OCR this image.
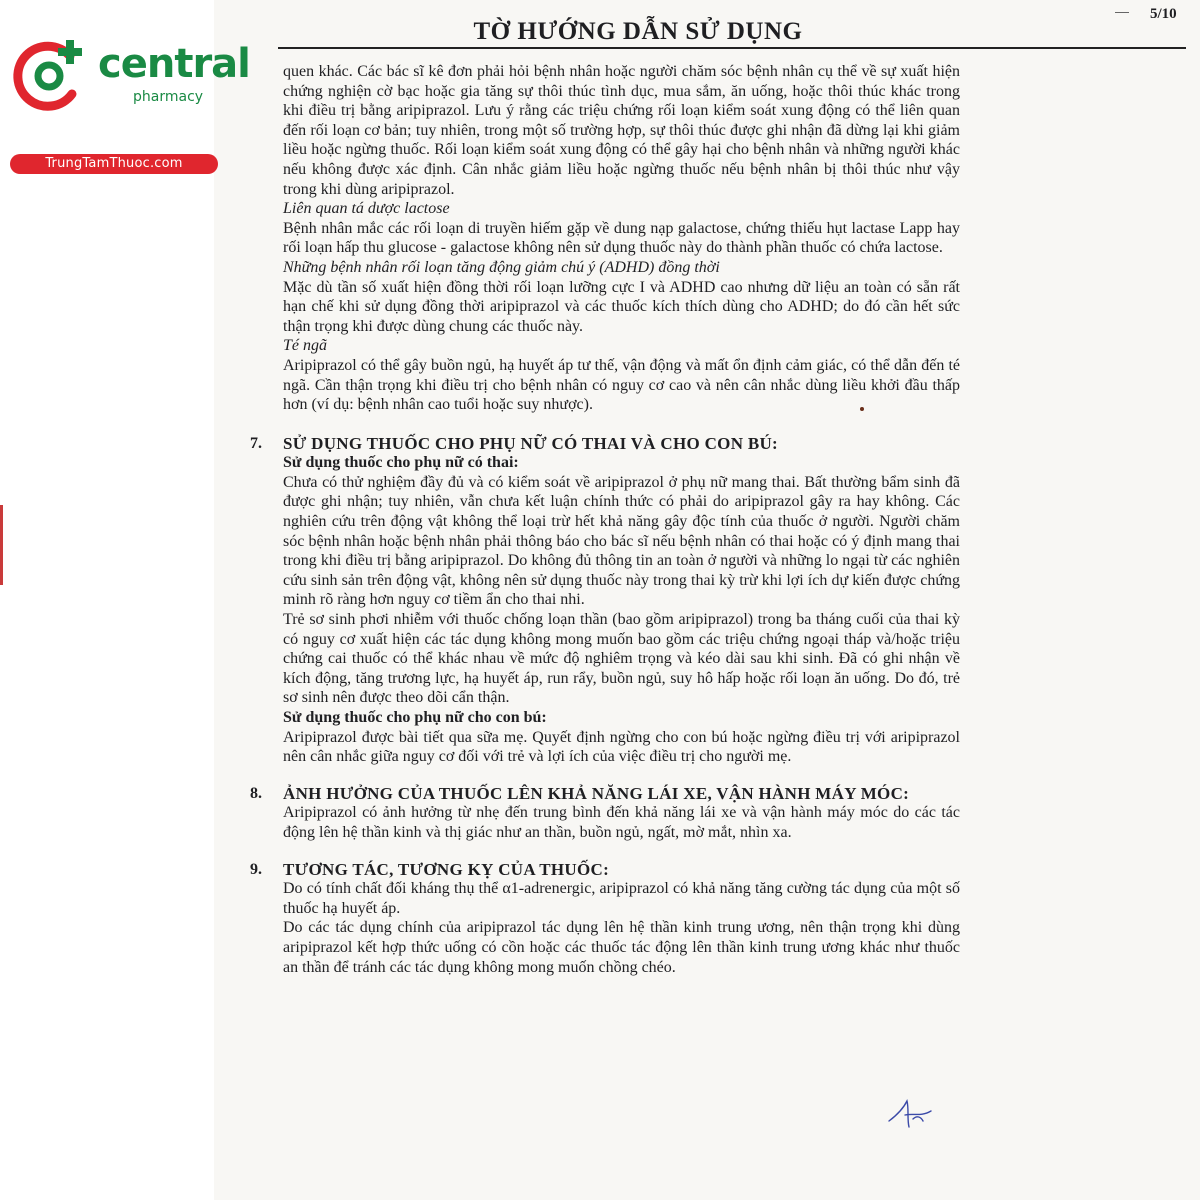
central
pharmacy
TrungTamThuoc.com
5/10
TỜ HƯỚNG DẪN SỬ DỤNG

quen khác. Các bác sĩ kê đơn phải hỏi bệnh nhân hoặc người chăm sóc bệnh nhân cụ thể về sự xuất hiện chứng nghiện cờ bạc hoặc gia tăng sự thôi thúc tình dục, mua sắm, ăn uống, hoặc thôi thúc khác trong khi điều trị bằng aripiprazol. Lưu ý rằng các triệu chứng rối loạn kiểm soát xung động có thể liên quan đến rối loạn cơ bản; tuy nhiên, trong một số trường hợp, sự thôi thúc được ghi nhận đã dừng lại khi giảm liều hoặc ngừng thuốc. Rối loạn kiểm soát xung động có thể gây hại cho bệnh nhân và những người khác nếu không được xác định. Cân nhắc giảm liều hoặc ngừng thuốc nếu bệnh nhân bị thôi thúc như vậy trong khi dùng aripiprazol.

Liên quan tá dược lactose

Bệnh nhân mắc các rối loạn di truyền hiếm gặp về dung nạp galactose, chứng thiếu hụt lactase Lapp hay rối loạn hấp thu glucose - galactose không nên sử dụng thuốc này do thành phần thuốc có chứa lactose.

Những bệnh nhân rối loạn tăng động giảm chú ý (ADHD) đồng thời

Mặc dù tần số xuất hiện đồng thời rối loạn lưỡng cực I và ADHD cao nhưng dữ liệu an toàn có sẵn rất hạn chế khi sử dụng đồng thời aripiprazol và các thuốc kích thích dùng cho ADHD; do đó cần hết sức thận trọng khi được dùng chung các thuốc này.

Té ngã

Aripiprazol có thể gây buồn ngủ, hạ huyết áp tư thế, vận động và mất ổn định cảm giác, có thể dẫn đến té ngã. Cần thận trọng khi điều trị cho bệnh nhân có nguy cơ cao và nên cân nhắc dùng liều khởi đầu thấp hơn (ví dụ: bệnh nhân cao tuổi hoặc suy nhược).

7.	SỬ DỤNG THUỐC CHO PHỤ NỮ CÓ THAI VÀ CHO CON BÚ:

Sử dụng thuốc cho phụ nữ có thai:

Chưa có thử nghiệm đầy đủ và có kiểm soát về aripiprazol ở phụ nữ mang thai. Bất thường bẩm sinh đã được ghi nhận; tuy nhiên, vẫn chưa kết luận chính thức có phải do aripiprazol gây ra hay không. Các nghiên cứu trên động vật không thể loại trừ hết khả năng gây độc tính của thuốc ở người. Người chăm sóc bệnh nhân hoặc bệnh nhân phải thông báo cho bác sĩ nếu bệnh nhân có thai hoặc có ý định mang thai trong khi điều trị bằng aripiprazol. Do không đủ thông tin an toàn ở người và những lo ngại từ các nghiên cứu sinh sản trên động vật, không nên sử dụng thuốc này trong thai kỳ trừ khi lợi ích dự kiến được chứng minh rõ ràng hơn nguy cơ tiềm ẩn cho thai nhi.

Trẻ sơ sinh phơi nhiễm với thuốc chống loạn thần (bao gồm aripiprazol) trong ba tháng cuối của thai kỳ có nguy cơ xuất hiện các tác dụng không mong muốn bao gồm các triệu chứng ngoại tháp và/hoặc triệu chứng cai thuốc có thể khác nhau về mức độ nghiêm trọng và kéo dài sau khi sinh. Đã có ghi nhận về kích động, tăng trương lực, hạ huyết áp, run rẩy, buồn ngủ, suy hô hấp hoặc rối loạn ăn uống. Do đó, trẻ sơ sinh nên được theo dõi cẩn thận.

Sử dụng thuốc cho phụ nữ cho con bú:

Aripiprazol được bài tiết qua sữa mẹ. Quyết định ngừng cho con bú hoặc ngừng điều trị với aripiprazol nên cân nhắc giữa nguy cơ đối với trẻ và lợi ích của việc điều trị cho người mẹ.

8.	ẢNH HƯỞNG CỦA THUỐC LÊN KHẢ NĂNG LÁI XE, VẬN HÀNH MÁY MÓC:

Aripiprazol có ảnh hưởng từ nhẹ đến trung bình đến khả năng lái xe và vận hành máy móc do các tác động lên hệ thần kinh và thị giác như an thần, buồn ngủ, ngất, mờ mắt, nhìn xa.

9.	TƯƠNG TÁC, TƯƠNG KỴ CỦA THUỐC:

Do có tính chất đối kháng thụ thể α1-adrenergic, aripiprazol có khả năng tăng cường tác dụng của một số thuốc hạ huyết áp.

Do các tác dụng chính của aripiprazol tác dụng lên hệ thần kinh trung ương, nên thận trọng khi dùng aripiprazol kết hợp thức uống có cồn hoặc các thuốc tác động lên thần kinh trung ương khác như thuốc an thần để tránh các tác dụng không mong muốn chồng chéo.
